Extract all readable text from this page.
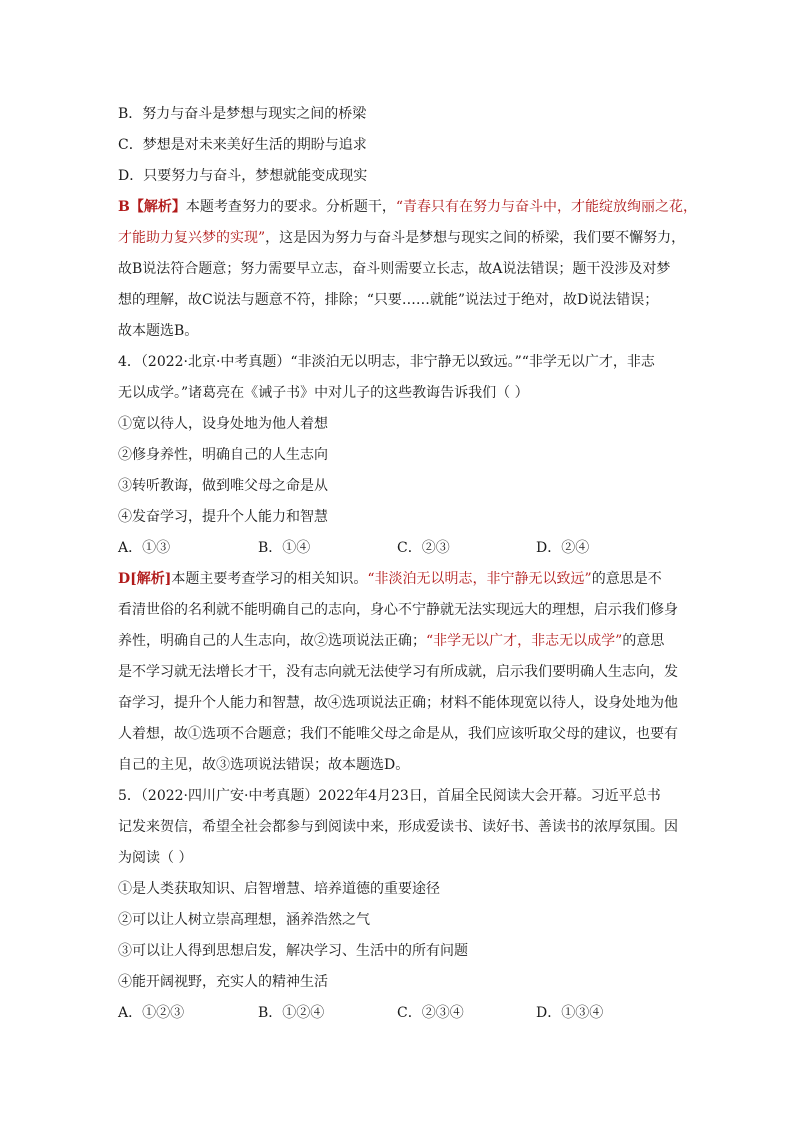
B．努力与奋斗是梦想与现实之间的桥梁
C．梦想是对未来美好生活的期盼与追求
D．只要努力与奋斗，梦想就能变成现实
B【解析】本题考查努力的要求。分析题干，“青春只有在努力与奋斗中，才能绽放绚丽之花，
才能助力复兴梦的实现”，这是因为努力与奋斗是梦想与现实之间的桥梁，我们要不懈努力，
故B说法符合题意；努力需要早立志，奋斗则需要立长志，故A说法错误；题干没涉及对梦
想的理解，故C说法与题意不符，排除；“只要……就能”说法过于绝对，故D说法错误；
故本题选B。
4．（2022·北京·中考真题）“非淡泊无以明志，非宁静无以致远。”“非学无以广才，非志
无以成学。”诸葛亮在《诫子书》中对儿子的这些教诲告诉我们（ ）
①宽以待人，设身处地为他人着想
②修身养性，明确自己的人生志向
③转听教诲，做到唯父母之命是从
④发奋学习，提升个人能力和智慧
A．①③	B．①④	C．②③	D．②④
D[解析]本题主要考查学习的相关知识。“非淡泊无以明志，非宁静无以致远”的意思是不
看清世俗的名利就不能明确自己的志向，身心不宁静就无法实现远大的理想，启示我们修身
养性，明确自己的人生志向，故②选项说法正确；“非学无以广才，非志无以成学”的意思
是不学习就无法增长才干，没有志向就无法使学习有所成就，启示我们要明确人生志向，发
奋学习，提升个人能力和智慧，故④选项说法正确；材料不能体现宽以待人，设身处地为他
人着想，故①选项不合题意；我们不能唯父母之命是从，我们应该听取父母的建议，也要有
自己的主见，故③选项说法错误；故本题选D。
5．（2022·四川广安·中考真题）2022年4月23日，首届全民阅读大会开幕。习近平总书
记发来贺信，希望全社会都参与到阅读中来，形成爱读书、读好书、善读书的浓厚氛围。因
为阅读（ ）
①是人类获取知识、启智增慧、培养道德的重要途径
②可以让人树立崇高理想，涵养浩然之气
③可以让人得到思想启发，解决学习、生活中的所有问题
④能开阔视野，充实人的精神生活
A．①②③	B．①②④	C．②③④	D．①③④
